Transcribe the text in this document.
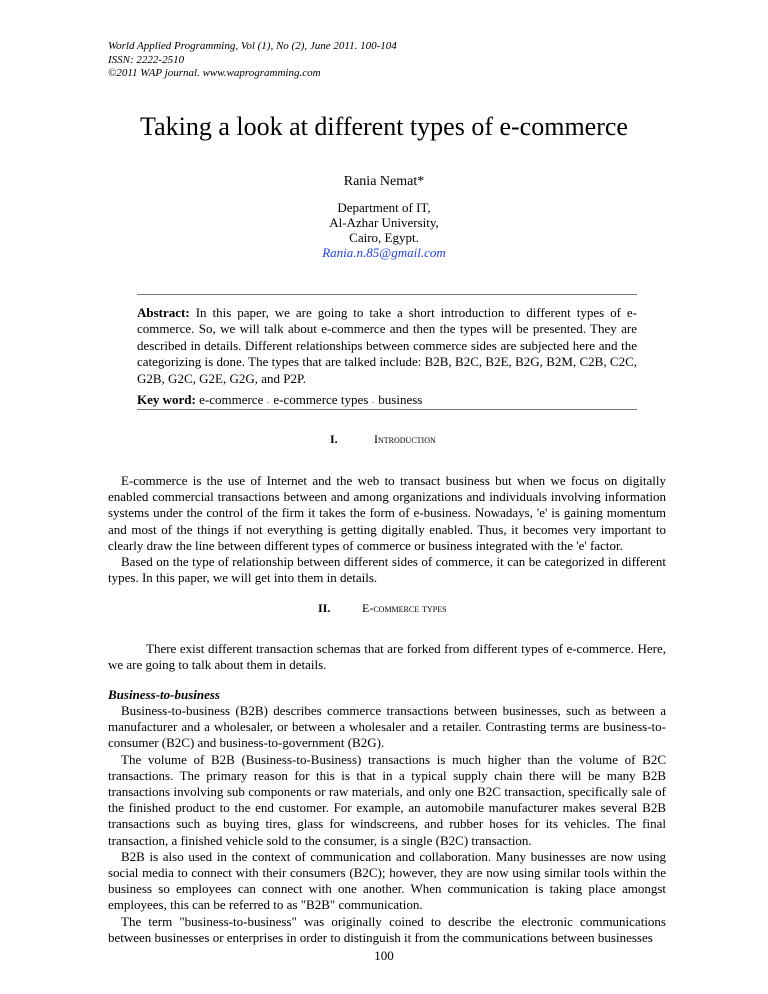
World Applied Programming, Vol (1), No (2), June 2011. 100-104
ISSN: 2222-2510
©2011 WAP journal. www.waprogramming.com
Taking a look at different types of e-commerce
Rania Nemat*
Department of IT,
Al-Azhar University,
Cairo, Egypt.
Rania.n.85@gmail.com
Abstract: In this paper, we are going to take a short introduction to different types of e-commerce. So, we will talk about e-commerce and then the types will be presented. They are described in details. Different relationships between commerce sides are subjected here and the categorizing is done. The types that are talked include: B2B, B2C, B2E, B2G, B2M, C2B, C2C, G2B, G2C, G2E, G2G, and P2P.
Key word: e-commerce - e-commerce types - business
I.	Introduction

E-commerce is the use of Internet and the web to transact business but when we focus on digitally enabled commercial transactions between and among organizations and individuals involving information systems under the control of the firm it takes the form of e-business. Nowadays, 'e' is gaining momentum and most of the things if not everything is getting digitally enabled. Thus, it becomes very important to clearly draw the line between different types of commerce or business integrated with the 'e' factor.

Based on the type of relationship between different sides of commerce, it can be categorized in different types. In this paper, we will get into them in details.

II.	E-commerce types

There exist different transaction schemas that are forked from different types of e-commerce. Here, we are going to talk about them in details.

Business-to-business

Business-to-business (B2B) describes commerce transactions between businesses, such as between a manufacturer and a wholesaler, or between a wholesaler and a retailer. Contrasting terms are business-to-consumer (B2C) and business-to-government (B2G).

The volume of B2B (Business-to-Business) transactions is much higher than the volume of B2C transactions. The primary reason for this is that in a typical supply chain there will be many B2B transactions involving sub components or raw materials, and only one B2C transaction, specifically sale of the finished product to the end customer. For example, an automobile manufacturer makes several B2B transactions such as buying tires, glass for windscreens, and rubber hoses for its vehicles. The final transaction, a finished vehicle sold to the consumer, is a single (B2C) transaction.

B2B is also used in the context of communication and collaboration. Many businesses are now using social media to connect with their consumers (B2C); however, they are now using similar tools within the business so employees can connect with one another. When communication is taking place amongst employees, this can be referred to as "B2B" communication.

The term "business-to-business" was originally coined to describe the electronic communications between businesses or enterprises in order to distinguish it from the communications between businesses

100
